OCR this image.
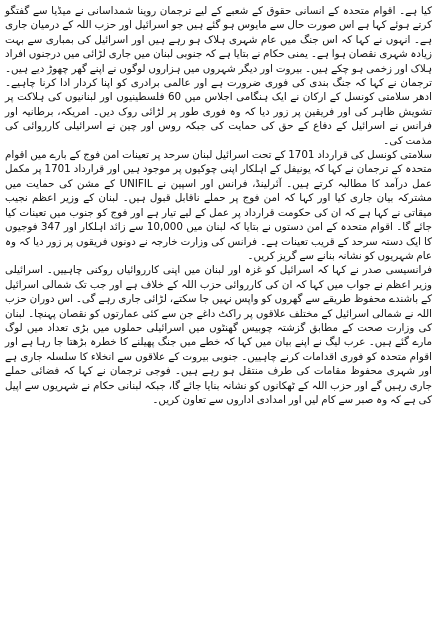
کیا ہے۔ اقوام متحدہ کے انسانی حقوق کے شعبے کے لیے ترجمان روینا شمداسانی نے میڈیا سے گفتگو کرتے ہوئے کہا ہے اس صورت حال سے مایوس ہو گئے ہیں جو اسرائیل اور حزب اللہ کے درمیان جاری ہے۔ انہوں نے کہا کہ اس جنگ میں عام شہری ہلاک ہو رہے ہیں اور اسرائیل کی بمباری سے بہت زیادہ شہری نقصان ہوا ہے۔ یمنی حکام نے بتایا ہے کہ جنوبی لبنان میں جاری لڑائی میں درجنوں افراد ہلاک اور زخمی ہو چکے ہیں۔ بیروت اور دیگر شہروں میں ہزاروں لوگوں نے اپنے گھر چھوڑ دیے ہیں۔ ترجمان نے کہا کہ جنگ بندی کی فوری ضرورت ہے اور عالمی برادری کو اپنا کردار ادا کرنا چاہیے۔ ادھر سلامتی کونسل کے ارکان نے ایک ہنگامی اجلاس میں 60 فلسطینیوں اور لبنانیوں کی ہلاکت پر تشویش ظاہر کی اور فریقین پر زور دیا کہ وہ فوری طور پر لڑائی روک دیں۔ امریکہ، برطانیہ اور فرانس نے اسرائیل کے دفاع کے حق کی حمایت کی جبکہ روس اور چین نے اسرائیلی کارروائی کی مذمت کی۔

سلامتی کونسل کی قرارداد 1701 کے تحت اسرائیل لبنان سرحد پر تعینات امن فوج کے بارے میں اقوام متحدہ کے ترجمان نے کہا کہ یونیفل کے اہلکار اپنی چوکیوں پر موجود ہیں اور قرارداد 1701 پر مکمل عمل درآمد کا مطالبہ کرتے ہیں۔ آئرلینڈ، فرانس اور اسپین نے UNIFIL کے مشن کی حمایت میں مشترکہ بیان جاری کیا اور کہا کہ امن فوج پر حملے ناقابل قبول ہیں۔ لبنان کے وزیر اعظم نجیب میقاتی نے کہا ہے کہ ان کی حکومت قرارداد پر عمل کے لیے تیار ہے اور فوج کو جنوب میں تعینات کیا جائے گا۔ اقوام متحدہ کے امن دستوں نے بتایا کہ لبنان میں 10,000 سے زائد اہلکار اور 347 فوجیوں کا ایک دستہ سرحد کے قریب تعینات ہے۔ فرانس کی وزارت خارجہ نے دونوں فریقوں پر زور دیا کہ وہ عام شہریوں کو نشانہ بنانے سے گریز کریں۔

فرانسیسی صدر نے کہا کہ اسرائیل کو غزہ اور لبنان میں اپنی کارروائیاں روکنی چاہییں۔ اسرائیلی وزیر اعظم نے جواب میں کہا کہ ان کی کارروائی حزب اللہ کے خلاف ہے اور جب تک شمالی اسرائیل کے باشندے محفوظ طریقے سے گھروں کو واپس نہیں جا سکتے، لڑائی جاری رہے گی۔ اس دوران حزب اللہ نے شمالی اسرائیل کے مختلف علاقوں پر راکٹ داغے جن سے کئی عمارتوں کو نقصان پہنچا۔ لبنان کی وزارت صحت کے مطابق گزشتہ چوبیس گھنٹوں میں اسرائیلی حملوں میں بڑی تعداد میں لوگ مارے گئے ہیں۔ عرب لیگ نے اپنے بیان میں کہا کہ خطے میں جنگ پھیلنے کا خطرہ بڑھتا جا رہا ہے اور اقوام متحدہ کو فوری اقدامات کرنے چاہییں۔ جنوبی بیروت کے علاقوں سے انخلاء کا سلسلہ جاری ہے اور شہری محفوظ مقامات کی طرف منتقل ہو رہے ہیں۔ فوجی ترجمان نے کہا کہ فضائی حملے جاری رہیں گے اور حزب اللہ کے ٹھکانوں کو نشانہ بنایا جائے گا، جبکہ لبنانی حکام نے شہریوں سے اپیل کی ہے کہ وہ صبر سے کام لیں اور امدادی اداروں سے تعاون کریں۔
